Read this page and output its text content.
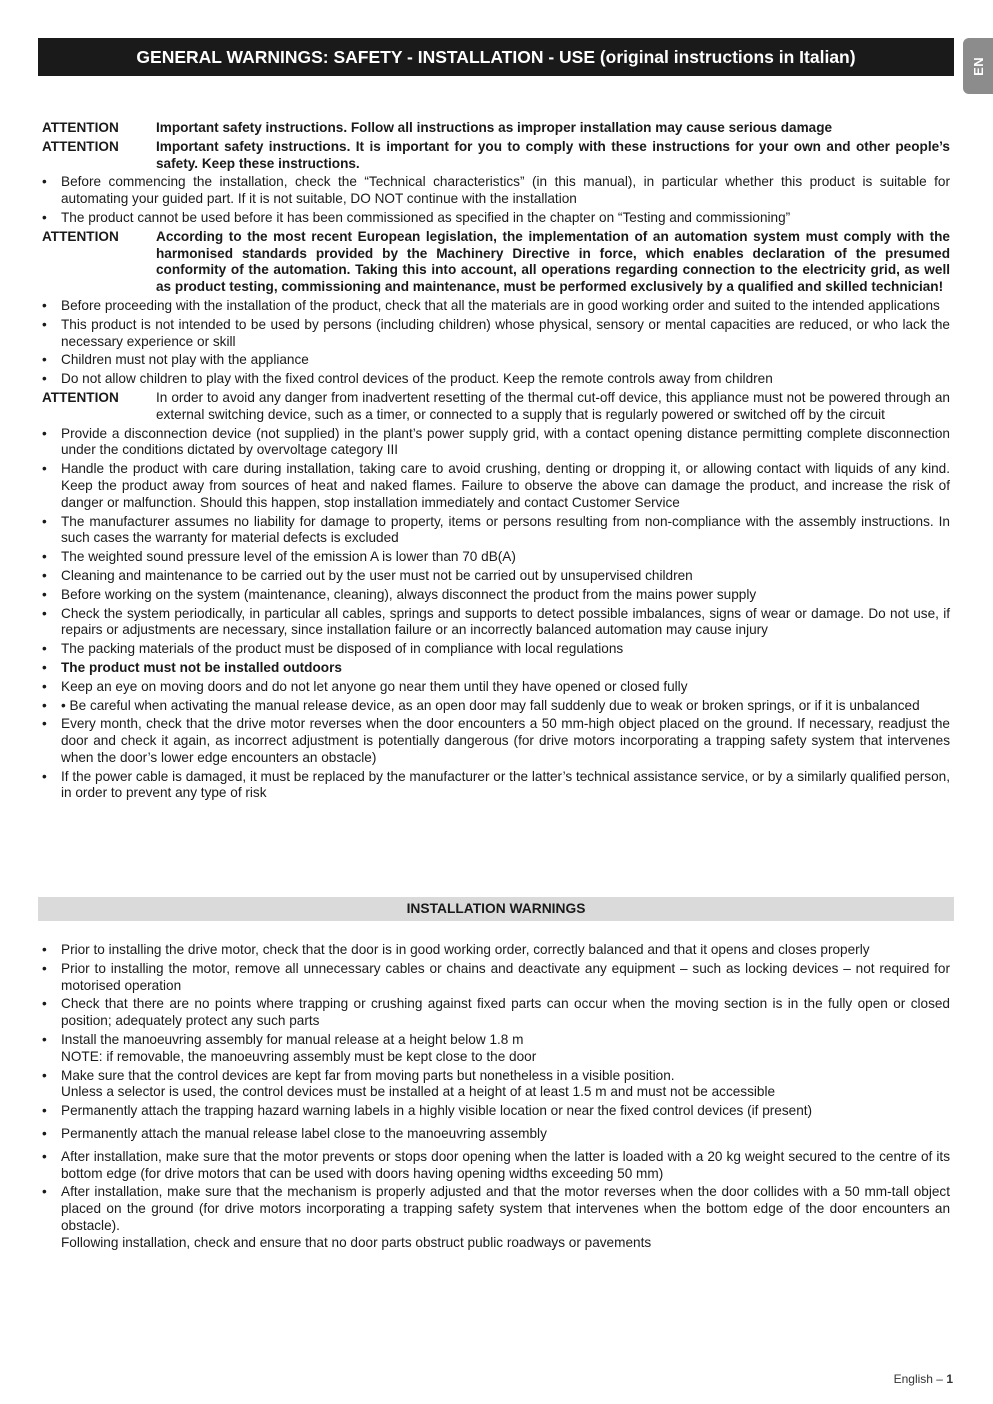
EN
GENERAL WARNINGS: SAFETY - INSTALLATION - USE (original instructions in Italian)
ATTENTION	Important safety instructions. Follow all instructions as improper installation may cause serious damage
ATTENTION	Important safety instructions. It is important for you to comply with these instructions for your own and other people’s safety. Keep these instructions.
•	Before commencing the installation, check the “Technical characteristics” (in this manual), in particular whether this product is suitable for automating your guided part. If it is not suitable, DO NOT continue with the installation
•	The product cannot be used before it has been commissioned as specified in the chapter on “Testing and commissioning”
ATTENTION	According to the most recent European legislation, the implementation of an automation system must comply with the harmonised standards provided by the Machinery Directive in force, which enables declaration of the presumed conformity of the automation. Taking this into account, all operations regarding connection to the electricity grid, as well as product testing, commissioning and maintenance, must be performed exclusively by a qualified and skilled technician!
•	Before proceeding with the installation of the product, check that all the materials are in good working order and suited to the intended applications
•	This product is not intended to be used by persons (including children) whose physical, sensory or mental capacities are reduced, or who lack the necessary experience or skill
•	Children must not play with the appliance
•	Do not allow children to play with the fixed control devices of the product. Keep the remote controls away from children
ATTENTION	In order to avoid any danger from inadvertent resetting of the thermal cut-off device, this appliance must not be powered through an external switching device, such as a timer, or connected to a supply that is regularly powered or switched off by the circuit
•	Provide a disconnection device (not supplied) in the plant’s power supply grid, with a contact opening distance permitting complete disconnection under the conditions dictated by overvoltage category III
•	Handle the product with care during installation, taking care to avoid crushing, denting or dropping it, or allowing contact with liquids of any kind. Keep the product away from sources of heat and naked flames. Failure to observe the above can damage the product, and increase the risk of danger or malfunction. Should this happen, stop installation immediately and contact Customer Service
•	The manufacturer assumes no liability for damage to property, items or persons resulting from non-compliance with the assembly instructions. In such cases the warranty for material defects is excluded
•	The weighted sound pressure level of the emission A is lower than 70 dB(A)
•	Cleaning and maintenance to be carried out by the user must not be carried out by unsupervised children
•	Before working on the system (maintenance, cleaning), always disconnect the product from the mains power supply
•	Check the system periodically, in particular all cables, springs and supports to detect possible imbalances, signs of wear or damage. Do not use, if repairs or adjustments are necessary, since installation failure or an incorrectly balanced automation may cause injury
•	The packing materials of the product must be disposed of in compliance with local regulations
•	The product must not be installed outdoors
•	Keep an eye on moving doors and do not let anyone go near them until they have opened or closed fully
•	• Be careful when activating the manual release device, as an open door may fall suddenly due to weak or broken springs, or if it is unbalanced
•	Every month, check that the drive motor reverses when the door encounters a 50 mm-high object placed on the ground. If necessary, readjust the door and check it again, as incorrect adjustment is potentially dangerous (for drive motors incorporating a trapping safety system that intervenes when the door’s lower edge encounters an obstacle)
•	If the power cable is damaged, it must be replaced by the manufacturer or the latter’s technical assistance service, or by a similarly qualified person, in order to prevent any type of risk
INSTALLATION WARNINGS
•	Prior to installing the drive motor, check that the door is in good working order, correctly balanced and that it opens and closes properly
•	Prior to installing the motor, remove all unnecessary cables or chains and deactivate any equipment – such as locking devices – not required for motorised operation
•	Check that there are no points where trapping or crushing against fixed parts can occur when the moving section is in the fully open or closed position; adequately protect any such parts
•	Install the manoeuvring assembly for manual release at a height below 1.8 m
NOTE: if removable, the manoeuvring assembly must be kept close to the door
•	Make sure that the control devices are kept far from moving parts but nonetheless in a visible position.
Unless a selector is used, the control devices must be installed at a height of at least 1.5 m and must not be accessible
•	Permanently attach the trapping hazard warning labels in a highly visible location or near the fixed control devices (if present)
•	Permanently attach the manual release label close to the manoeuvring assembly
•	After installation, make sure that the motor prevents or stops door opening when the latter is loaded with a 20 kg weight secured to the centre of its bottom edge (for drive motors that can be used with doors having opening widths exceeding 50 mm)
•	After installation, make sure that the mechanism is properly adjusted and that the motor reverses when the door collides with a 50 mm-tall object placed on the ground (for drive motors incorporating a trapping safety system that intervenes when the bottom edge of the door encounters an obstacle).
Following installation, check and ensure that no door parts obstruct public roadways or pavements
English – 1
